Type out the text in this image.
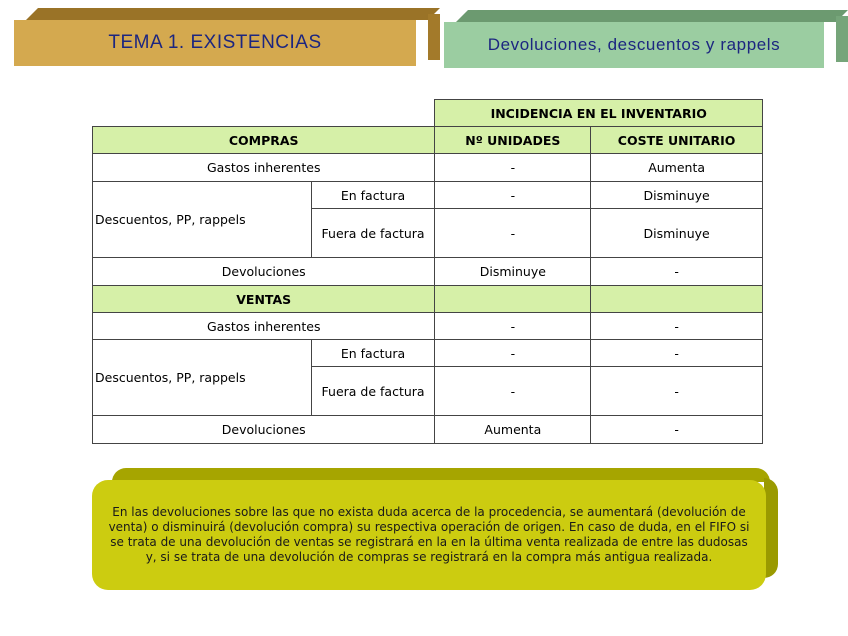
TEMA 1. EXISTENCIAS	Devoluciones, descuentos y rappels
		INCIDENCIA EN EL INVENTARIO	
COMPRAS		Nº UNIDADES	COSTE UNITARIO
Gastos inherentes		-	Aumenta
Descuentos, PP, rappels	En factura	-	Disminuye
	Fuera de factura	-	Disminuye
Devoluciones		Disminuye	-
VENTAS			
Gastos inherentes		-	-
Descuentos, PP, rappels	En factura	-	-
	Fuera de factura	-	-
Devoluciones		Aumenta	-
En las devoluciones sobre las que no exista duda acerca de la procedencia, se aumentará (devolución de venta) o disminuirá (devolución compra) su respectiva operación de origen. En caso de duda, en el FIFO si se trata de una devolución de ventas se registrará en la en la última venta realizada de entre las dudosas y, si se trata de una devolución de compras se registrará en la compra más antigua realizada.
